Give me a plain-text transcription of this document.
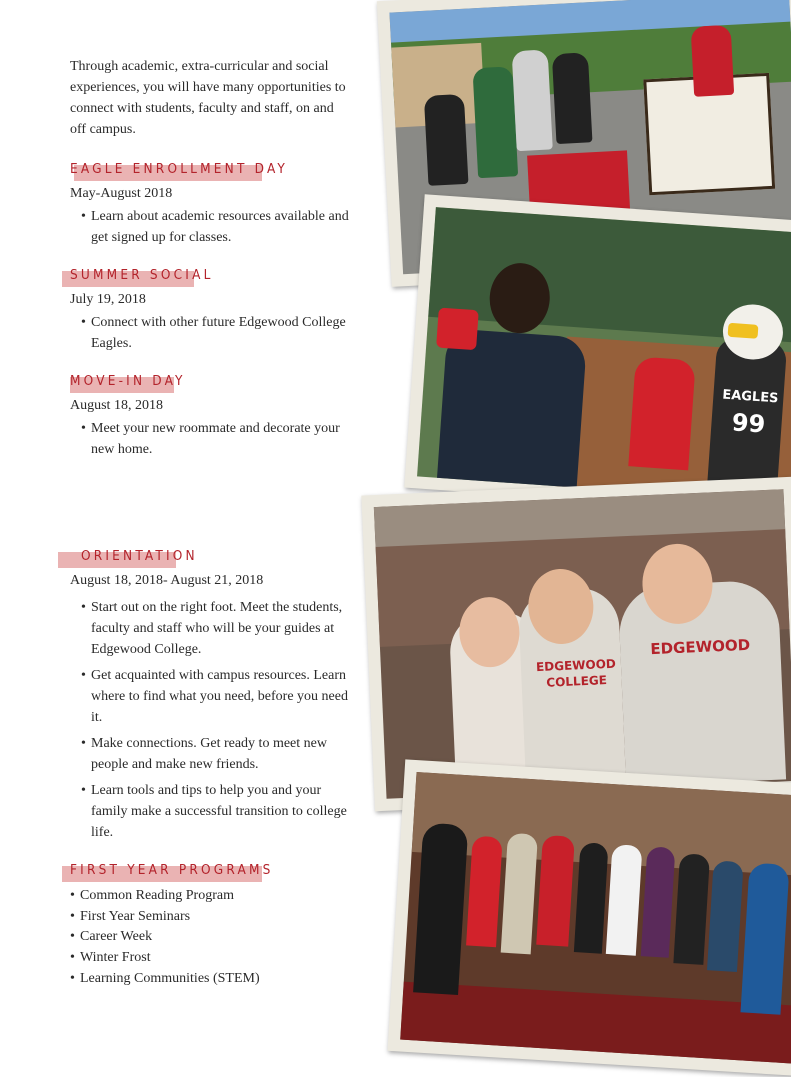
Through academic, extra-curricular and social experiences, you will have many opportunities to connect with students, faculty and staff, on and off campus.
EAGLE ENROLLMENT DAY
May-August 2018
• Learn about academic resources available and get signed up for classes.
SUMMER SOCIAL
July 19, 2018
• Connect with other future Edgewood College Eagles.
MOVE-IN DAY
August 18, 2018
• Meet your new roommate and decorate your new home.
ORIENTATION
August 18, 2018- August 21, 2018
• Start out on the right foot. Meet the students, faculty and staff who will be your guides at Edgewood College.
• Get acquainted with campus resources. Learn where to find what you need, before you need it.
• Make connections. Get ready to meet new people and make new friends.
• Learn tools and tips to help you and your family make a successful transition to college life.
FIRST YEAR PROGRAMS
• Common Reading Program
• First Year Seminars
• Career Week
• Winter Frost
• Learning Communities (STEM)
EAGLES
99
EDGEWOOD
COLLEGE
EDGEWOOD
